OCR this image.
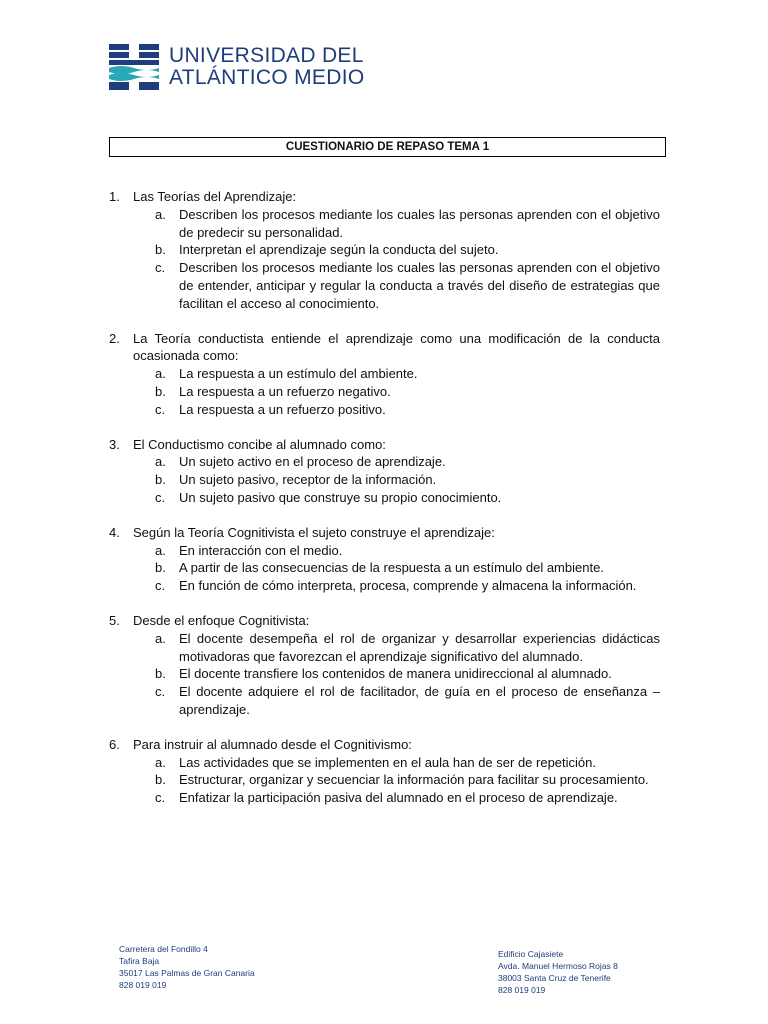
UNIVERSIDAD DEL
ATLÁNTICO MEDIO
CUESTIONARIO DE REPASO TEMA 1
1. Las Teorías del Aprendizaje:
a. Describen los procesos mediante los cuales las personas aprenden con el objetivo de predecir su personalidad.
b. Interpretan el aprendizaje según la conducta del sujeto.
c. Describen los procesos mediante los cuales las personas aprenden con el objetivo de entender, anticipar y regular la conducta a través del diseño de estrategias que facilitan el acceso al conocimiento.
2. La Teoría conductista entiende el aprendizaje como una modificación de la conducta ocasionada como:
a. La respuesta a un estímulo del ambiente.
b. La respuesta a un refuerzo negativo.
c. La respuesta a un refuerzo positivo.
3. El Conductismo concibe al alumnado como:
a. Un sujeto activo en el proceso de aprendizaje.
b. Un sujeto pasivo, receptor de la información.
c. Un sujeto pasivo que construye su propio conocimiento.
4. Según la Teoría Cognitivista el sujeto construye el aprendizaje:
a. En interacción con el medio.
b. A partir de las consecuencias de la respuesta a un estímulo del ambiente.
c. En función de cómo interpreta, procesa, comprende y almacena la información.
5. Desde el enfoque Cognitivista:
a. El docente desempeña el rol de organizar y desarrollar experiencias didácticas motivadoras que favorezcan el aprendizaje significativo del alumnado.
b. El docente transfiere los contenidos de manera unidireccional al alumnado.
c. El docente adquiere el rol de facilitador, de guía en el proceso de enseñanza – aprendizaje.
6. Para instruir al alumnado desde el Cognitivismo:
a. Las actividades que se implementen en el aula han de ser de repetición.
b. Estructurar, organizar y secuenciar la información para facilitar su procesamiento.
c. Enfatizar la participación pasiva del alumnado en el proceso de aprendizaje.
Carretera del Fondillo 4
Tafira Baja
35017 Las Palmas de Gran Canaria
828 019 019
Edificio Cajasiete
Avda. Manuel Hermoso Rojas 8
38003 Santa Cruz de Tenerife
828 019 019
